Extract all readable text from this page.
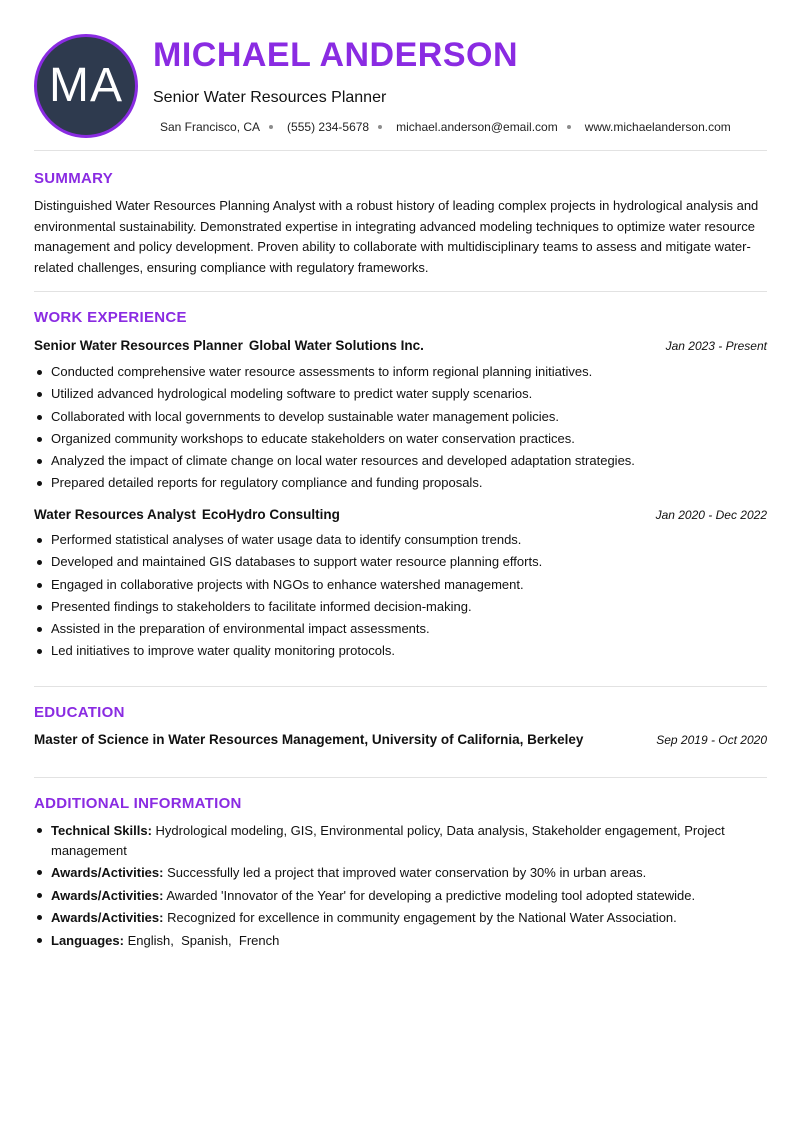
MA
MICHAEL ANDERSON
Senior Water Resources Planner
San Francisco, CA (555) 234-5678 michael.anderson@email.com www.michaelanderson.com
SUMMARY

Distinguished Water Resources Planning Analyst with a robust history of leading complex projects in hydrological analysis and environmental sustainability. Demonstrated expertise in integrating advanced modeling techniques to optimize water resource management and policy development. Proven ability to collaborate with multidisciplinary teams to assess and mitigate water-related challenges, ensuring compliance with regulatory frameworks.

WORK EXPERIENCE
Senior Water Resources Planner Global Water Solutions Inc.	Jan 2023 - Present
Conducted comprehensive water resource assessments to inform regional planning initiatives.
Utilized advanced hydrological modeling software to predict water supply scenarios.
Collaborated with local governments to develop sustainable water management policies.
Organized community workshops to educate stakeholders on water conservation practices.
Analyzed the impact of climate change on local water resources and developed adaptation strategies.
Prepared detailed reports for regulatory compliance and funding proposals.
Water Resources Analyst EcoHydro Consulting	Jan 2020 - Dec 2022
Performed statistical analyses of water usage data to identify consumption trends.
Developed and maintained GIS databases to support water resource planning efforts.
Engaged in collaborative projects with NGOs to enhance watershed management.
Presented findings to stakeholders to facilitate informed decision-making.
Assisted in the preparation of environmental impact assessments.
Led initiatives to improve water quality monitoring protocols.
EDUCATION
Master of Science in Water Resources Management, University of California, Berkeley	Sep 2019 - Oct 2020
ADDITIONAL INFORMATION
Technical Skills: Hydrological modeling, GIS, Environmental policy, Data analysis, Stakeholder engagement, Project management
Awards/Activities: Successfully led a project that improved water conservation by 30% in urban areas.
Awards/Activities: Awarded 'Innovator of the Year' for developing a predictive modeling tool adopted statewide.
Awards/Activities: Recognized for excellence in community engagement by the National Water Association.
Languages: English,  Spanish,  French
